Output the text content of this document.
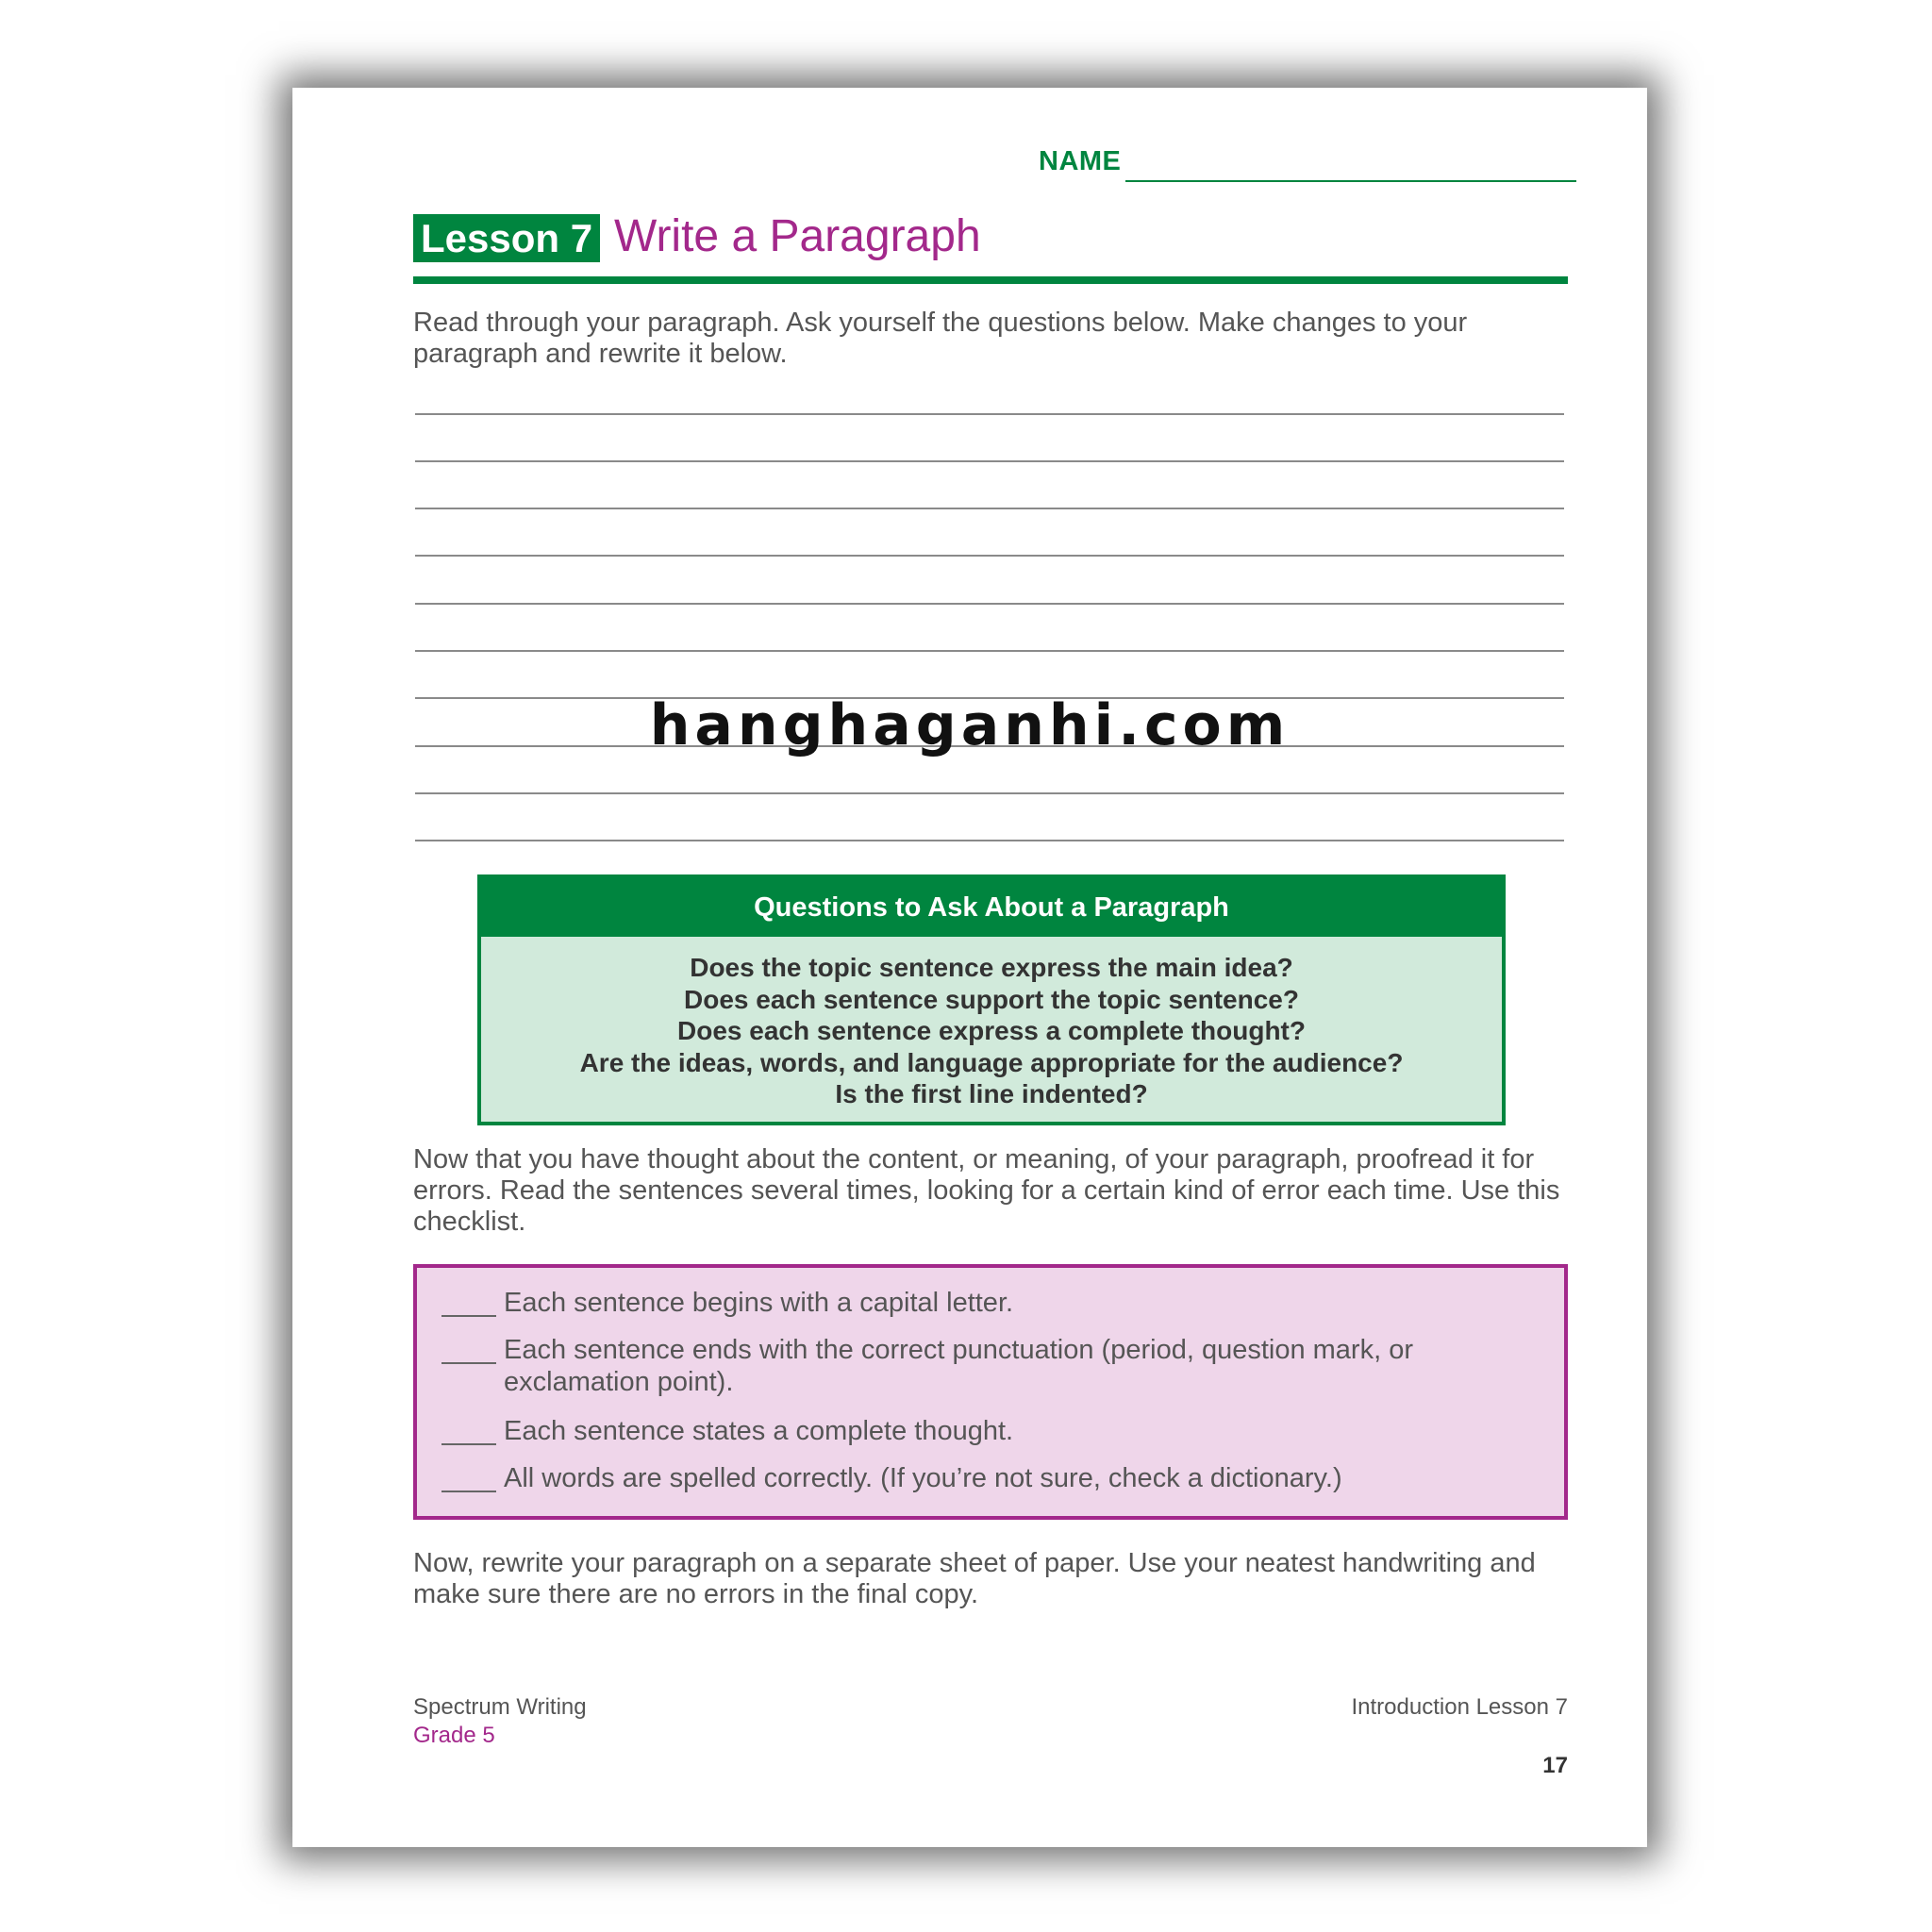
NAME
Lesson 7 Write a Paragraph
Read through your paragraph. Ask yourself the questions below. Make changes to your paragraph and rewrite it below.
hanghaganhi.com
Questions to Ask About a Paragraph
Does the topic sentence express the main idea?
Does each sentence support the topic sentence?
Does each sentence express a complete thought?
Are the ideas, words, and language appropriate for the audience?
Is the first line indented?
Now that you have thought about the content, or meaning, of your paragraph, proofread it for errors. Read the sentences several times, looking for a certain kind of error each time. Use this checklist.
Each sentence begins with a capital letter.
Each sentence ends with the correct punctuation (period, question mark, or exclamation point).
Each sentence states a complete thought.
All words are spelled correctly. (If you’re not sure, check a dictionary.)
Now, rewrite your paragraph on a separate sheet of paper. Use your neatest handwriting and make sure there are no errors in the final copy.
Spectrum Writing
Grade 5
Introduction Lesson 7
17
